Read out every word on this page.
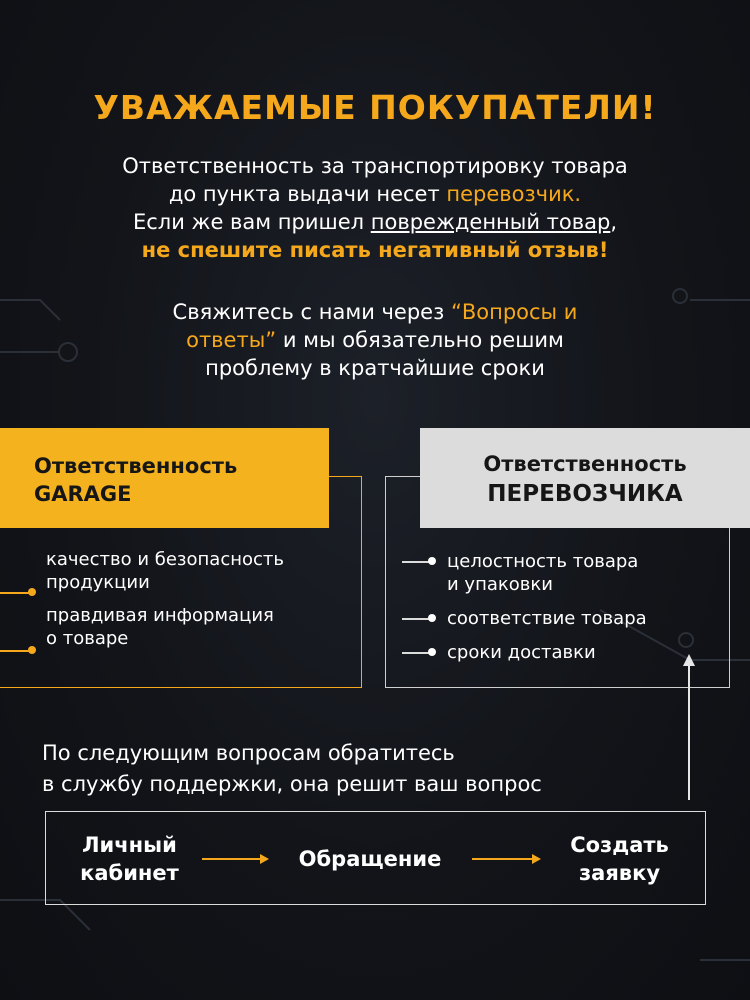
УВАЖАЕМЫЕ ПОКУПАТЕЛИ!
Ответственность за транспортировку товара
до пункта выдачи несет перевозчик.
Если же вам пришел поврежденный товар,
не спешите писать негативный отзыв!
Свяжитесь с нами через “Вопросы и
ответы” и мы обязательно решим
проблему в кратчайшие сроки
Ответственность
GARAGE
качество и безопасность
продукции
правдивая информация
о товаре
Ответственность
ПЕРЕВОЗЧИКА
целостность товара
и упаковки
соответствие товара
сроки доставки
По следующим вопросам обратитесь
в службу поддержки, она решит ваш вопрос
Личный
кабинет
Обращение
Создать
заявку
